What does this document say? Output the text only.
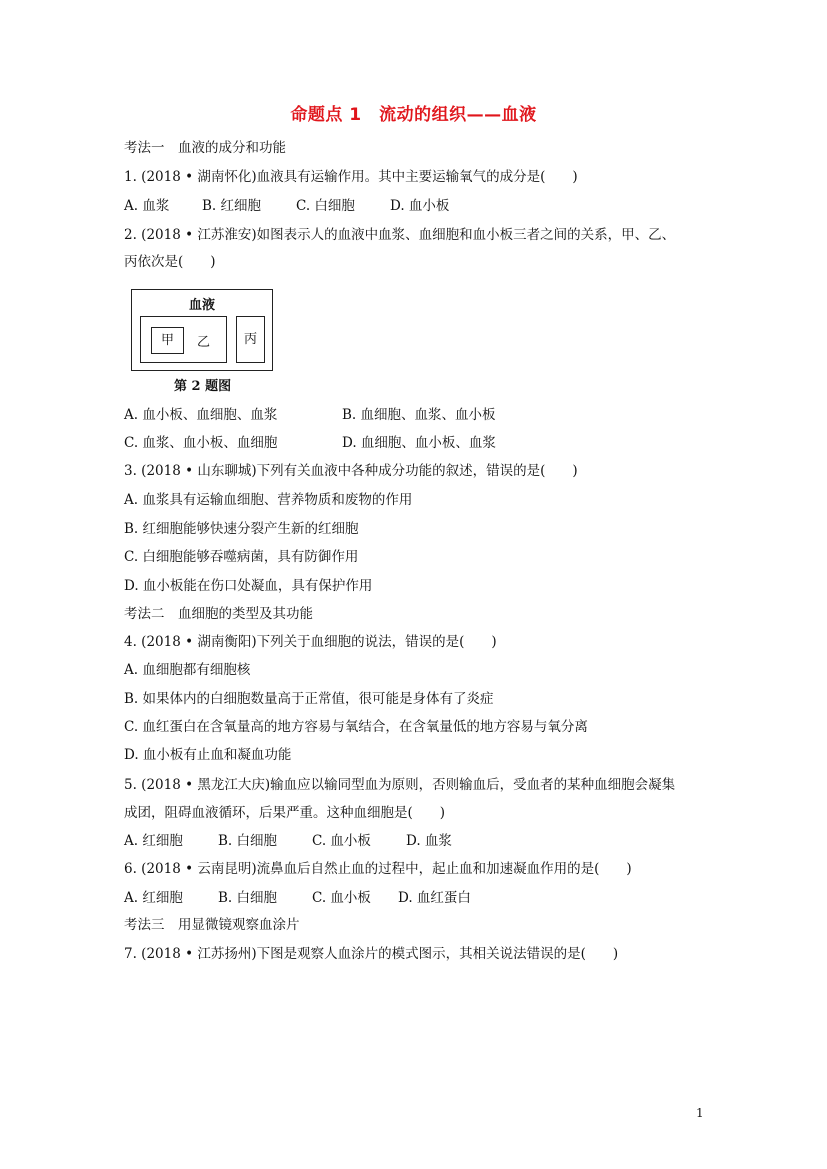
命题点 1　流动的组织——血液
考法一　血液的成分和功能
1. (2018 • 湖南怀化)血液具有运输作用。其中主要运输氧气的成分是(　　)
A. 血浆 B. 红细胞	C. 白细胞	D. 血小板
2. (2018 • 江苏淮安)如图表示人的血液中血浆、血细胞和血小板三者之间的关系，甲、乙、
丙依次是(　　)
血液
甲	乙	丙
第 2 题图
A. 血小板、血细胞、血浆	B. 血细胞、血浆、血小板
C. 血浆、血小板、血细胞	D. 血细胞、血小板、血浆
3. (2018 • 山东聊城)下列有关血液中各种成分功能的叙述，错误的是(　　)
A. 血浆具有运输血细胞、营养物质和废物的作用
B. 红细胞能够快速分裂产生新的红细胞
C. 白细胞能够吞噬病菌，具有防御作用
D. 血小板能在伤口处凝血，具有保护作用
考法二　血细胞的类型及其功能
4. (2018 • 湖南衡阳)下列关于血细胞的说法，错误的是(　　)
A. 血细胞都有细胞核
B. 如果体内的白细胞数量高于正常值，很可能是身体有了炎症
C. 血红蛋白在含氧量高的地方容易与氧结合，在含氧量低的地方容易与氧分离
D. 血小板有止血和凝血功能
5. (2018 • 黑龙江大庆)输血应以输同型血为原则，否则输血后，受血者的某种血细胞会凝集
成团，阻碍血液循环，后果严重。这种血细胞是(　　)
A. 红细胞	B. 白细胞	C. 血小板	D. 血浆
6. (2018 • 云南昆明)流鼻血后自然止血的过程中，起止血和加速凝血作用的是(　　)
A. 红细胞	B. 白细胞	C. 血小板 D. 血红蛋白
考法三　用显微镜观察血涂片
7. (2018 • 江苏扬州)下图是观察人血涂片的模式图示，其相关说法错误的是(　　)
1
